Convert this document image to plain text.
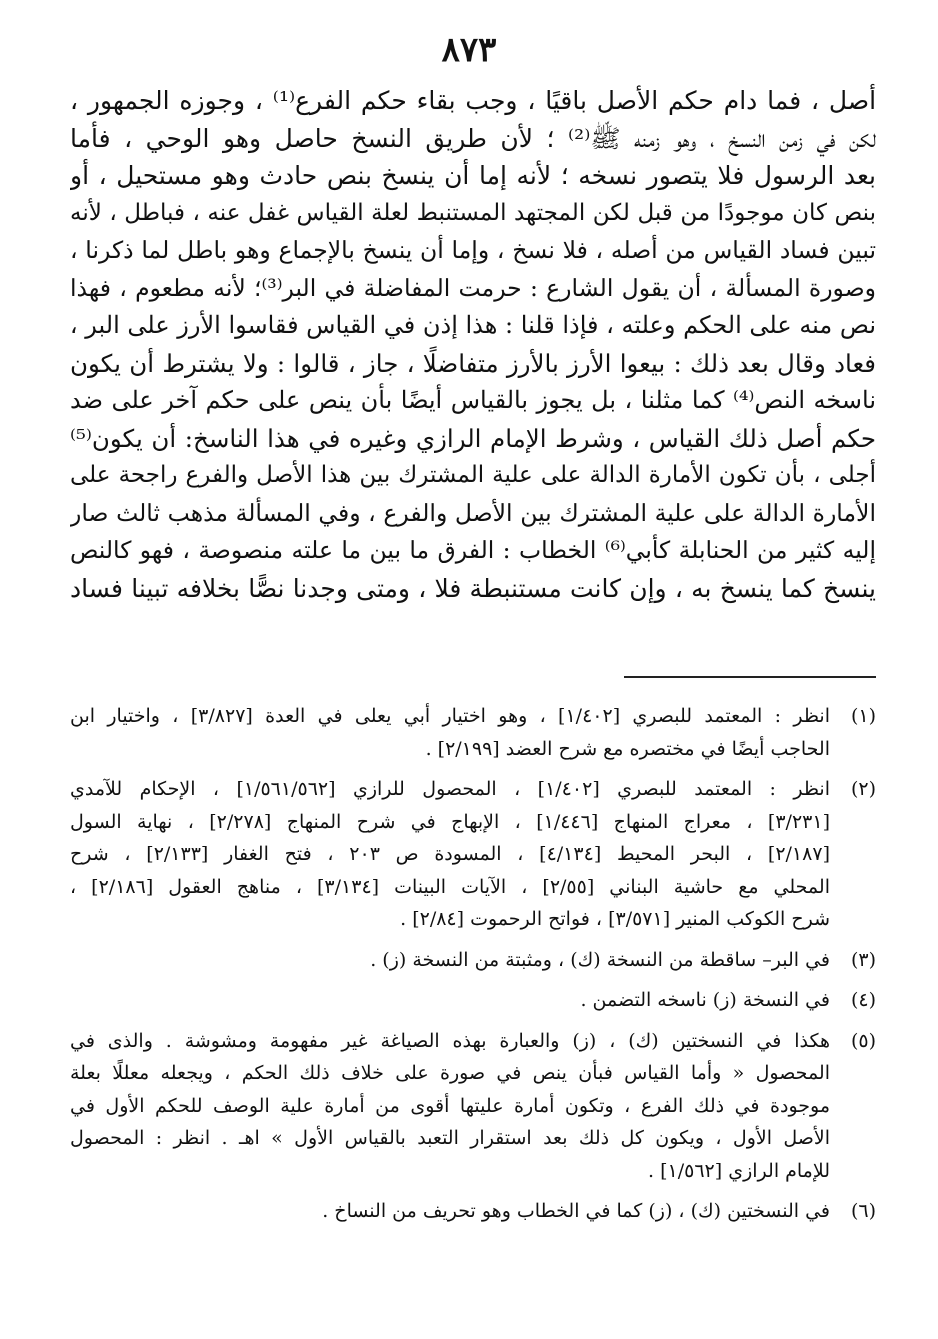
٨٧٣
أصل ، فما دام حكم الأصل باقيًا ، وجب بقاء حكم الفرع⁽¹⁾ ، وجوزه الجمهور ،
لكن في زمن النسخ ، وهو زمنه ﷺ⁽²⁾ ؛ لأن طريق النسخ حاصل وهو الوحي ، فأما
بعد الرسول فلا يتصور نسخه ؛ لأنه إما أن ينسخ بنص حادث وهو مستحيل ، أو
بنص كان موجودًا من قبل لكن المجتهد المستنبط لعلة القياس غفل عنه ، فباطل ، لأنه
تبين فساد القياس من أصله ، فلا نسخ ، وإما أن ينسخ بالإجماع وهو باطل لما ذكرنا ،
وصورة المسألة ، أن يقول الشارع : حرمت المفاضلة في البر⁽³⁾؛ لأنه مطعوم ، فهذا
نص منه على الحكم وعلته ، فإذا قلنا : هذا إذن في القياس فقاسوا الأرز على البر ،
فعاد وقال بعد ذلك : بيعوا الأرز بالأرز متفاضلًا ، جاز ، قالوا : ولا يشترط أن يكون
ناسخه النص⁽⁴⁾ كما مثلنا ، بل يجوز بالقياس أيضًا بأن ينص على حكم آخر على ضد
حكم أصل ذلك القياس ، وشرط الإمام الرازي وغيره في هذا الناسخ: أن يكون⁽⁵⁾
أجلى ، بأن تكون الأمارة الدالة على علية المشترك بين هذا الأصل والفرع راجحة على
الأمارة الدالة على علية المشترك بين الأصل والفرع ، وفي المسألة مذهب ثالث صار
إليه كثير من الحنابلة كأبي⁽⁶⁾ الخطاب : الفرق ما بين ما علته منصوصة ، فهو كالنص
ينسخ كما ينسخ به ، وإن كانت مستنبطة فلا ، ومتى وجدنا نصًّا بخلافه تبينا فساد
(١)
انظر : المعتمد للبصري [١/٤٠٢] ، وهو اختيار أبي يعلى في العدة [٣/٨٢٧] ، واختيار ابن
الحاجب أيضًا في مختصره مع شرح العضد [٢/١٩٩] .
(٢)
انظر : المعتمد للبصري [١/٤٠٢] ، المحصول للرازي [١/٥٦١/٥٦٢] ، الإحكام للآمدي
[٣/٢٣١] ، معراج المنهاج [١/٤٤٦] ، الإبهاج في شرح المنهاج [٢/٢٧٨] ، نهاية السول
[٢/١٨٧] ، البحر المحيط [٤/١٣٤] ، المسودة ص ٢٠٣ ، فتح الغفار [٢/١٣٣] ، شرح
المحلي مع حاشية البناني [٢/٥٥] ، الآيات البينات [٣/١٣٤] ، مناهج العقول [٢/١٨٦] ،
شرح الكوكب المنير [٣/٥٧١] ، فواتح الرحموت [٢/٨٤] .
(٣)
في البر– ساقطة من النسخة (ك) ، ومثبتة من النسخة (ز) .
(٤)
في النسخة (ز) ناسخه التضمن .
(٥)
هكذا في النسختين (ك) ، (ز) والعبارة بهذه الصياغة غير مفهومة ومشوشة . والذى في
المحصول « وأما القياس فبأن ينص في صورة على خلاف ذلك الحكم ، ويجعله معللًا بعلة
موجودة في ذلك الفرع ، وتكون أمارة عليتها أقوى من أمارة علية الوصف للحكم الأول في
الأصل الأول ، ويكون كل ذلك بعد استقرار التعبد بالقياس الأول » اهـ . انظر : المحصول
للإمام الرازي [١/٥٦٢] .
(٦)
في النسختين (ك) ، (ز) كما في الخطاب وهو تحريف من النساخ .
